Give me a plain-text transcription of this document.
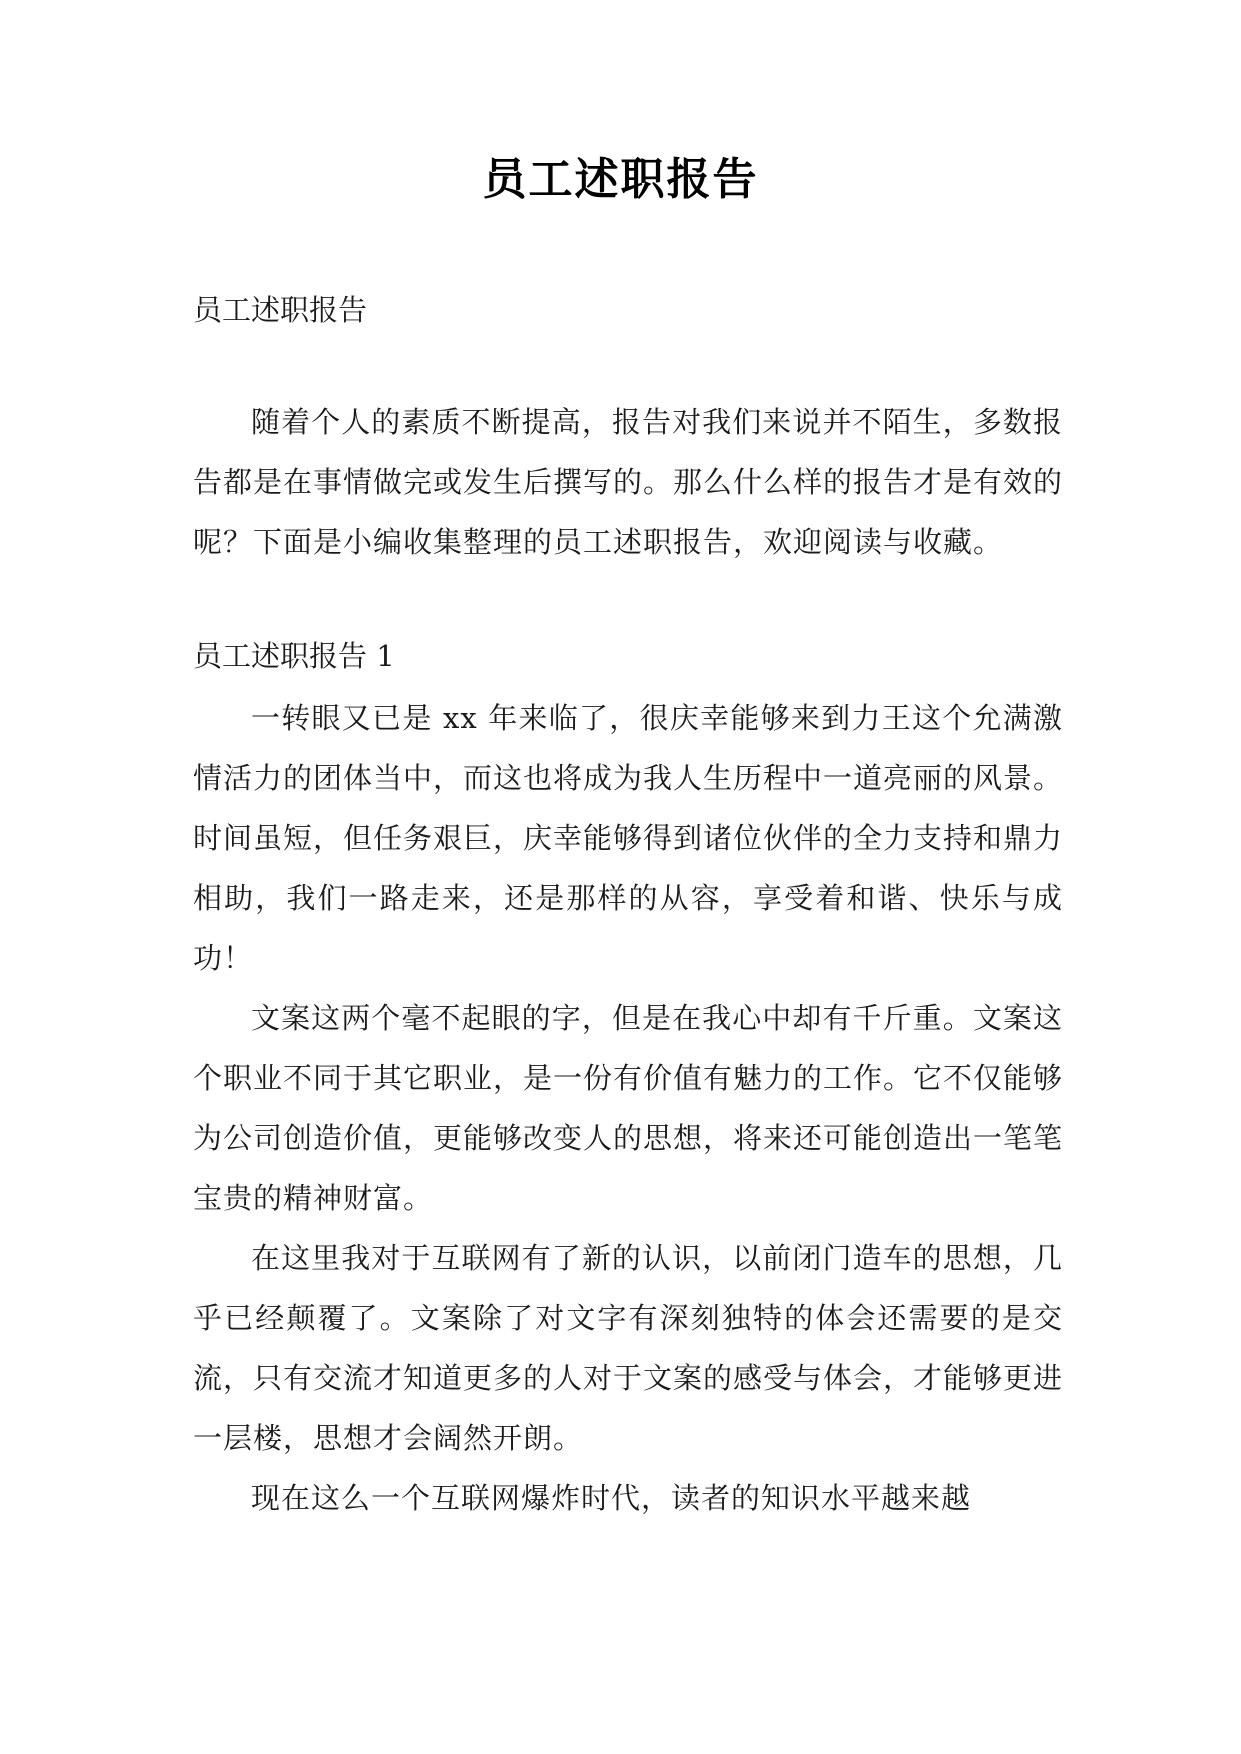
员工述职报告

员工述职报告

随着个人的素质不断提高，报告对我们来说并不陌生，多数报告都是在事情做完或发生后撰写的。那么什么样的报告才是有效的呢？下面是小编收集整理的员工述职报告，欢迎阅读与收藏。

员工述职报告 1

一转眼又已是 xx 年来临了，很庆幸能够来到力王这个允满激情活力的团体当中，而这也将成为我人生历程中一道亮丽的风景。时间虽短，但任务艰巨，庆幸能够得到诸位伙伴的全力支持和鼎力相助，我们一路走来，还是那样的从容，享受着和谐、快乐与成功！

文案这两个毫不起眼的字，但是在我心中却有千斤重。文案这个职业不同于其它职业，是一份有价值有魅力的工作。它不仅能够为公司创造价值，更能够改变人的思想，将来还可能创造出一笔笔宝贵的精神财富。

在这里我对于互联网有了新的认识，以前闭门造车的思想，几乎已经颠覆了。文案除了对文字有深刻独特的体会还需要的是交流，只有交流才知道更多的人对于文案的感受与体会，才能够更进一层楼，思想才会阔然开朗。

现在这么一个互联网爆炸时代，读者的知识水平越来越
